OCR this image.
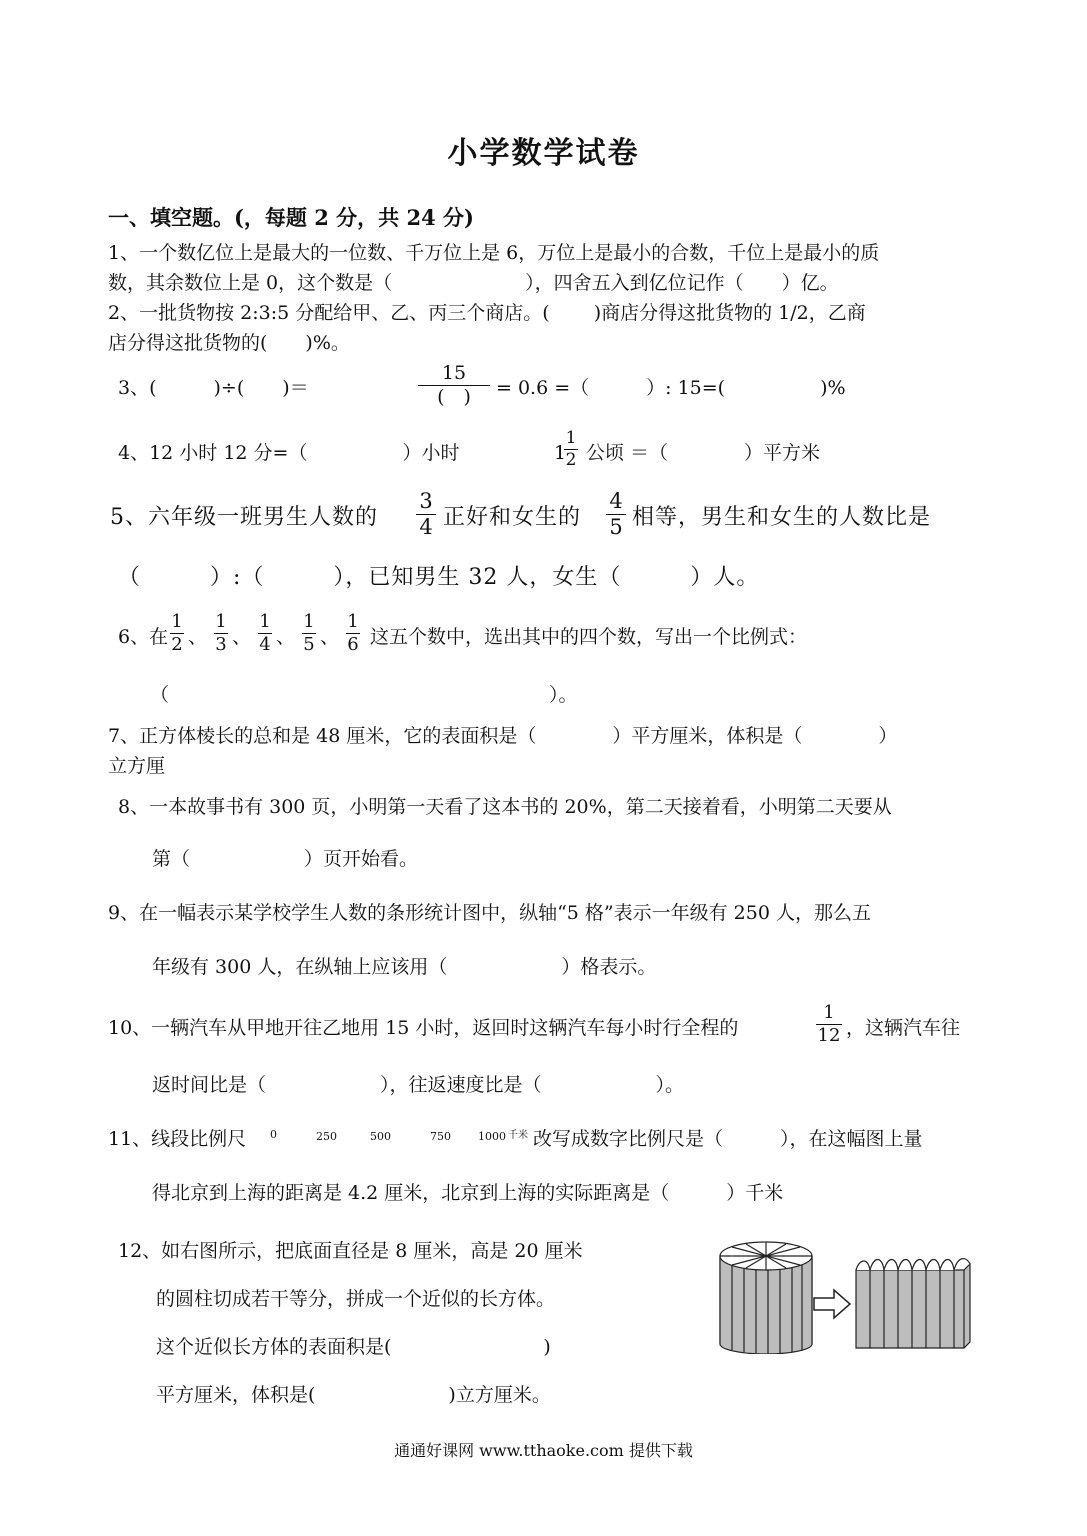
小学数学试卷
一、填空题。(，每题 2 分，共 24 分)
1、一个数亿位上是最大的一位数、千万位上是 6，万位上是最小的合数，千位上是最小的质
数，其余数位上是 0，这个数是（　　　　　　　），四舍五入到亿位记作（　　）亿。
2、一批货物按 2:3:5 分配给甲、乙、丙三个商店。(　　 )商店分得这批货物的 1/2，乙商
店分得这批货物的(　　)%。
3、(　　　)÷(　　)＝
15
(　)	= 0.6 =（　　　）: 15=(　　　　　)%
4、12 小时 12 分=（　　　　　）小时	1
1
2 公顷 ＝（　　　　）平方米
5、六年级一班男生人数的
3
4 正好和女生的
4
5 相等，男生和女生的人数比是
（　　　）:（　　　），已知男生 32 人，女生（　　　）人。
6、在
1
2 、
1
3 、
1
4 、
1
5 、
1
6 这五个数中，选出其中的四个数，写出一个比例式：
（　　　　　　　　　　　　　　　　　　　　）。
7、正方体棱长的总和是 48 厘米，它的表面积是（　　　　）平方厘米，体积是（　　　　）
立方厘
8、一本故事书有 300 页，小明第一天看了这本书的 20%，第二天接着看，小明第二天要从
第（　　　　　　）页开始看。
9、在一幅表示某学校学生人数的条形统计图中，纵轴“5 格”表示一年级有 250 人，那么五
年级有 300 人，在纵轴上应该用（　　　　　　）格表示。
10、一辆汽车从甲地开往乙地用 15 小时，返回时这辆汽车每小时行全程的
1
12 ，这辆汽车往
返时间比是（　　　　　　），往返速度比是（　　　　　　）。
11、线段比例尺 0	250	500	750 1000 千米 改写成数字比例尺是（　　　），在这幅图上量
得北京到上海的距离是 4.2 厘米，北京到上海的实际距离是（　　　）千米
12、如右图所示，把底面直径是 8 厘米，高是 20 厘米
的圆柱切成若干等分，拼成一个近似的长方体。
这个近似长方体的表面积是(　　　　　　　　)
平方厘米，体积是(　　　　　　　)立方厘米。
通通好课网 www.tthaoke.com 提供下载
